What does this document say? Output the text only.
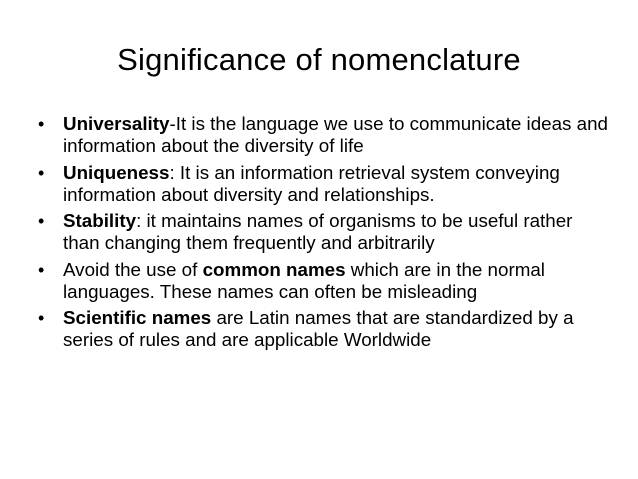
Significance of nomenclature
• Universality-It is the language we use to communicate ideas and information about the diversity of life
• Uniqueness: It is an information retrieval system conveying information about diversity and relationships.
• Stability: it maintains names of organisms to be useful rather than changing them frequently and arbitrarily
• Avoid the use of common names which are in the normal languages. These names can often be misleading
• Scientific names are Latin names that are standardized by a series of rules and are applicable Worldwide
